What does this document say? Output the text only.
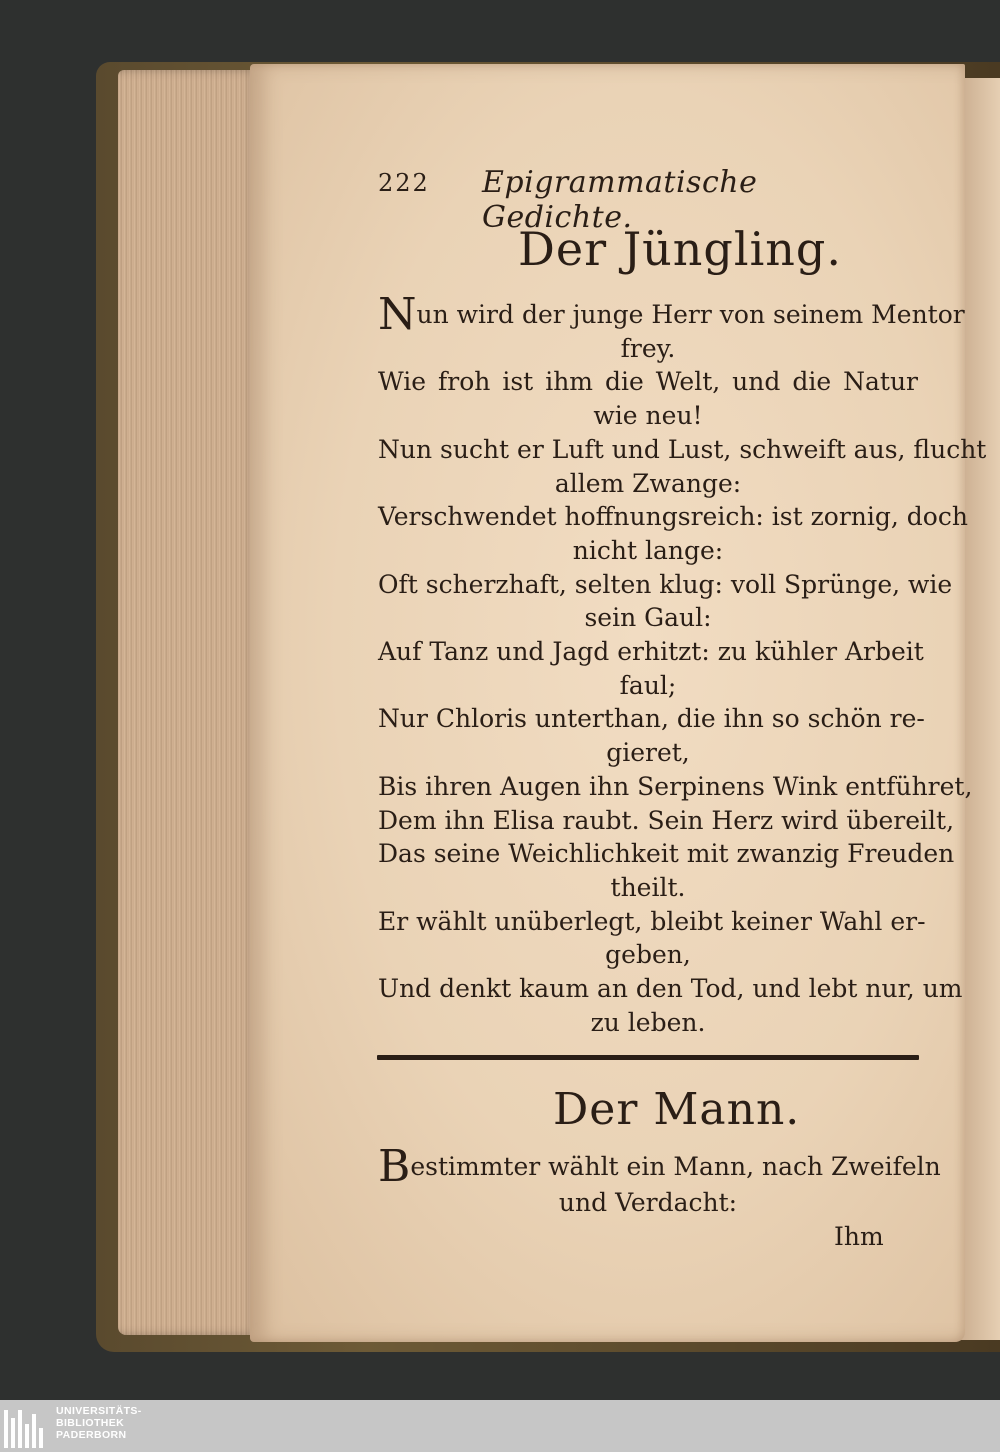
222 Epigrammatische Gedichte.
Der Jüngling.
Nun wird der junge Herr von seinem Mentor
frey.
Wie froh ist ihm die Welt, und die Natur
wie neu!
Nun sucht er Luft und Lust, schweift aus, flucht
allem Zwange:
Verschwendet hoffnungsreich: ist zornig, doch
nicht lange:
Oft scherzhaft, selten klug: voll Sprünge, wie
sein Gaul:
Auf Tanz und Jagd erhitzt: zu kühler Arbeit
faul;
Nur Chloris unterthan, die ihn so schön re-
gieret,
Bis ihren Augen ihn Serpinens Wink entführet,
Dem ihn Elisa raubt. Sein Herz wird übereilt,
Das seine Weichlichkeit mit zwanzig Freuden
theilt.
Er wählt unüberlegt, bleibt keiner Wahl er-
geben,
Und denkt kaum an den Tod, und lebt nur, um
zu leben.
Der Mann.
Bestimmter wählt ein Mann, nach Zweifeln
und Verdacht:
Ihm
UNIVERSITÄTS-
BIBLIOTHEK
PADERBORN
